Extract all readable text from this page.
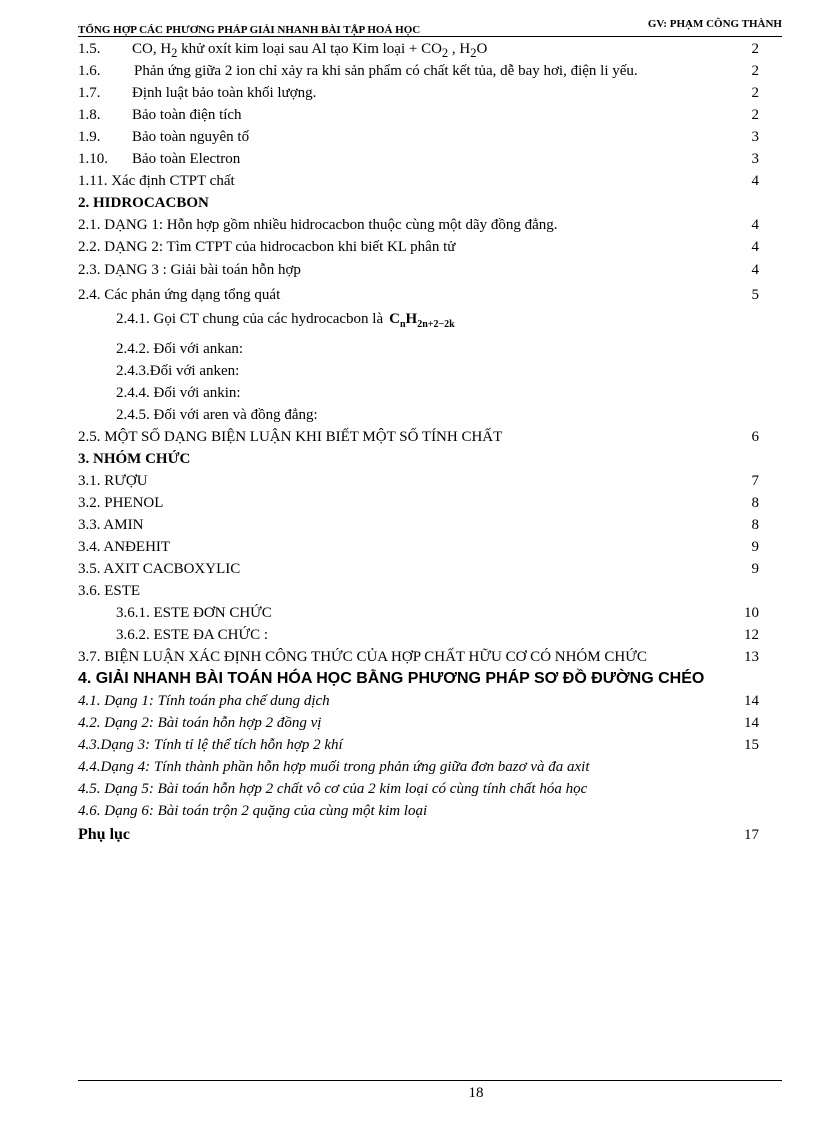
TỔNG HỢP CÁC PHƯƠNG PHÁP GIẢI NHANH BÀI TẬP HOÁ HỌC	GV: PHẠM CÔNG THÀNH
1.5. CO, $H_2$ khử oxít kim loại sau Al tạo Kim loại + $CO_2$ , $H_2O$	2
1.6. Phản ứng giữa 2 ion chỉ xảy ra khi sản phẩm có chất kết tủa, dễ bay hơi, điện li yếu.	2
1.7. Định luật bảo toàn khối lượng.	2
1.8. Bảo toàn điện tích	2
1.9. Bảo toàn nguyên tố	3
1.10. Bảo toàn Electron	3
1.11. Xác định CTPT chất	4
2. HIDROCACBON
2.1. DẠNG 1: Hỗn hợp gồm nhiều hidrocacbon thuộc cùng một dãy đồng đẳng.	4
2.2. DẠNG 2: Tìm CTPT của hidrocacbon khi biết KL phân tử	4
2.3. DẠNG 3 : Giải bài toán hỗn hợp	4
2.4. Các phản ứng dạng tổng quát	5
2.4.1. Gọi CT chung của các hydrocacbon là $C_nH_{2n+2-2k}$
2.4.2. Đối với ankan:
2.4.3.Đối với anken:
2.4.4. Đối với ankin:
2.4.5. Đối với aren và đồng đẳng:
2.5. MỘT SỐ DẠNG BIỆN LUẬN KHI BIẾT MỘT SỐ TÍNH CHẤT	6
3. NHÓM CHỨC
3.1. RƯỢU	7
3.2. PHENOL	8
3.3. AMIN	8
3.4. ANĐEHIT	9
3.5. AXIT CACBOXYLIC	9
3.6. ESTE
3.6.1. ESTE ĐƠN CHỨC	10
3.6.2. ESTE ĐA CHỨC :	12
3.7. BIỆN LUẬN XÁC ĐỊNH CÔNG THỨC CỦA HỢP CHẤT HỮU CƠ CÓ NHÓM CHỨC	13
4. GIẢI NHANH BÀI TOÁN HÓA HỌC BẰNG PHƯƠNG PHÁP SƠ ĐỒ ĐƯỜNG CHÉO
4.1. Dạng 1: Tính toán pha chế dung dịch	14
4.2. Dạng 2: Bài toán hỗn hợp 2 đồng vị	14
4.3.Dạng 3: Tính tỉ lệ thể tích hỗn hợp 2 khí	15
4.4.Dạng 4: Tính thành phần hỗn hợp muối trong phản ứng giữa đơn bazơ và đa axit
4.5. Dạng 5: Bài toán hỗn hợp 2 chất vô cơ của 2 kim loại có cùng tính chất hóa học
4.6. Dạng 6: Bài toán trộn 2 quặng của cùng một kim loại
Phụ lục	17
18
